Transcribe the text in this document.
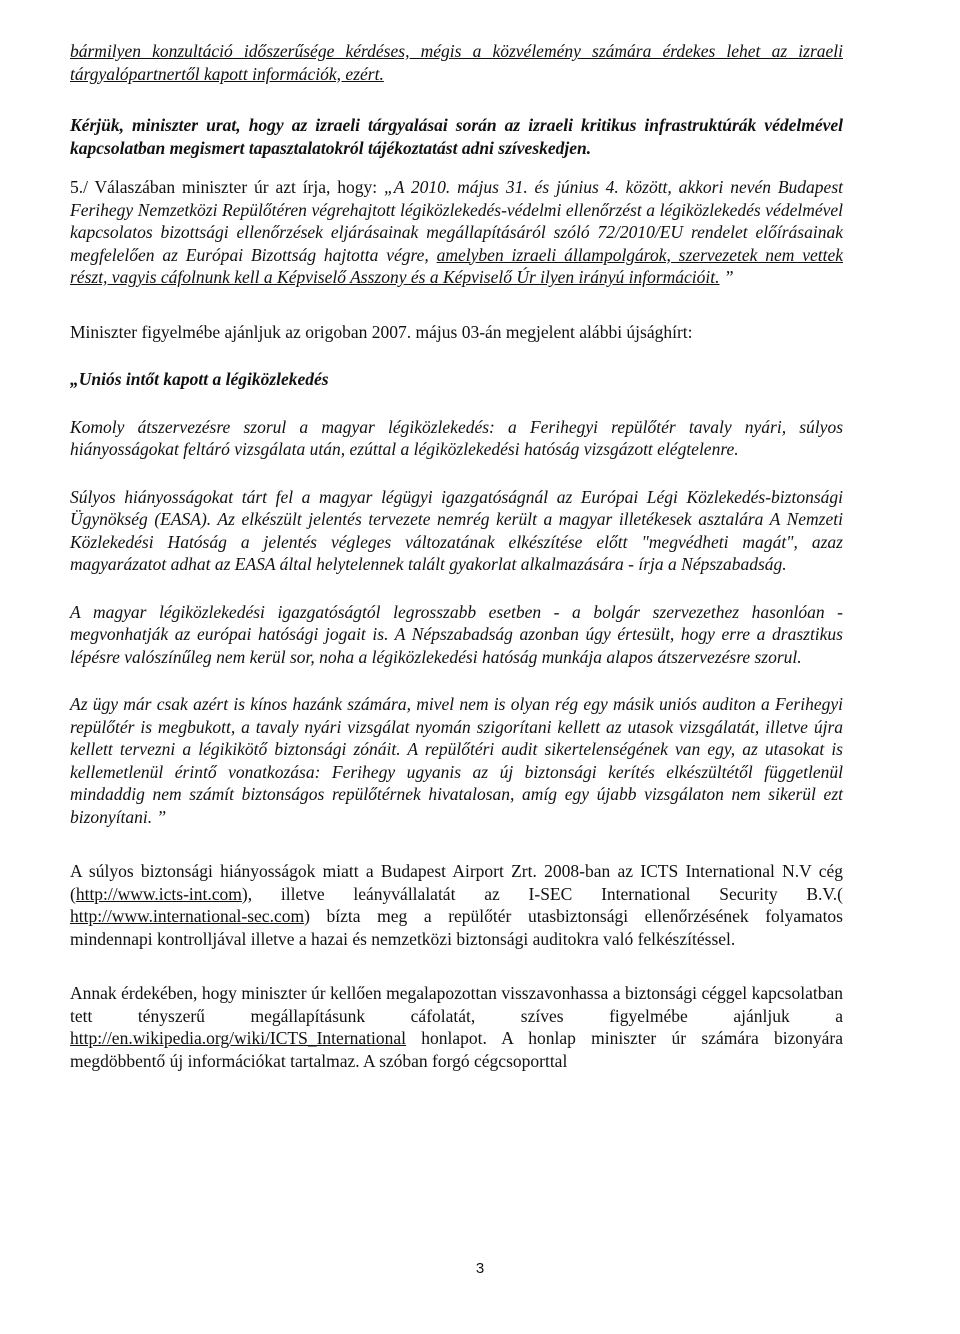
bármilyen konzultáció időszerűsége kérdéses, mégis a közvélemény számára érdekes lehet az izraeli tárgyalópartnertől kapott információk, ezért.

Kérjük, miniszter urat, hogy az izraeli tárgyalásai során az izraeli kritikus infrastruktúrák védelmével kapcsolatban megismert tapasztalatokról tájékoztatást adni szíveskedjen.

5./ Válaszában miniszter úr azt írja, hogy: „A 2010. május 31. és június 4. között, akkori nevén Budapest Ferihegy Nemzetközi Repülőtéren végrehajtott légiközlekedés-védelmi ellenőrzést a légiközlekedés védelmével kapcsolatos bizottsági ellenőrzések eljárásainak megállapításáról szóló 72/2010/EU rendelet előírásainak megfelelően az Európai Bizottság hajtotta végre, amelyben izraeli állampolgárok, szervezetek nem vettek részt, vagyis cáfolnunk kell a Képviselő Asszony és a Képviselő Úr ilyen irányú információit. ”

Miniszter figyelmébe ajánljuk az origoban 2007. május 03-án megjelent alábbi újsághírt:

„Uniós intőt kapott a légiközlekedés

Komoly átszervezésre szorul a magyar légiközlekedés: a Ferihegyi repülőtér tavaly nyári, súlyos hiányosságokat feltáró vizsgálata után, ezúttal a légiközlekedési hatóság vizsgázott elégtelenre.

Súlyos hiányosságokat tárt fel a magyar légügyi igazgatóságnál az Európai Légi Közlekedés-biztonsági Ügynökség (EASA). Az elkészült jelentés tervezete nemrég került a magyar illetékesek asztalára A Nemzeti Közlekedési Hatóság a jelentés végleges változatának elkészítése előtt "megvédheti magát", azaz magyarázatot adhat az EASA által helytelennek talált gyakorlat alkalmazására - írja a Népszabadság.

A magyar légiközlekedési igazgatóságtól legrosszabb esetben - a bolgár szervezethez hasonlóan - megvonhatják az európai hatósági jogait is. A Népszabadság azonban úgy értesült, hogy erre a drasztikus lépésre valószínűleg nem kerül sor, noha a légiközlekedési hatóság munkája alapos átszervezésre szorul.

Az ügy már csak azért is kínos hazánk számára, mivel nem is olyan rég egy másik uniós auditon a Ferihegyi repülőtér is megbukott, a tavaly nyári vizsgálat nyomán szigorítani kellett az utasok vizsgálatát, illetve újra kellett tervezni a légikikötő biztonsági zónáit. A repülőtéri audit sikertelenségének van egy, az utasokat is kellemetlenül érintő vonatkozása: Ferihegy ugyanis az új biztonsági kerítés elkészültétől függetlenül mindaddig nem számít biztonságos repülőtérnek hivatalosan, amíg egy újabb vizsgálaton nem sikerül ezt bizonyítani. ”

A súlyos biztonsági hiányosságok miatt a Budapest Airport Zrt. 2008-ban az ICTS International N.V cég (http://www.icts-int.com), illetve leányvállalatát az I-SEC International Security B.V.( http://www.international-sec.com) bízta meg a repülőtér utasbiztonsági ellenőrzésének folyamatos mindennapi kontrolljával illetve a hazai és nemzetközi biztonsági auditokra való felkészítéssel.

Annak érdekében, hogy miniszter úr kellően megalapozottan visszavonhassa a biztonsági céggel kapcsolatban tett tényszerű megállapításunk cáfolatát, szíves figyelmébe ajánljuk a http://en.wikipedia.org/wiki/ICTS_International honlapot. A honlap miniszter úr számára bizonyára megdöbbentő új információkat tartalmaz. A szóban forgó cégcsoporttal

3
